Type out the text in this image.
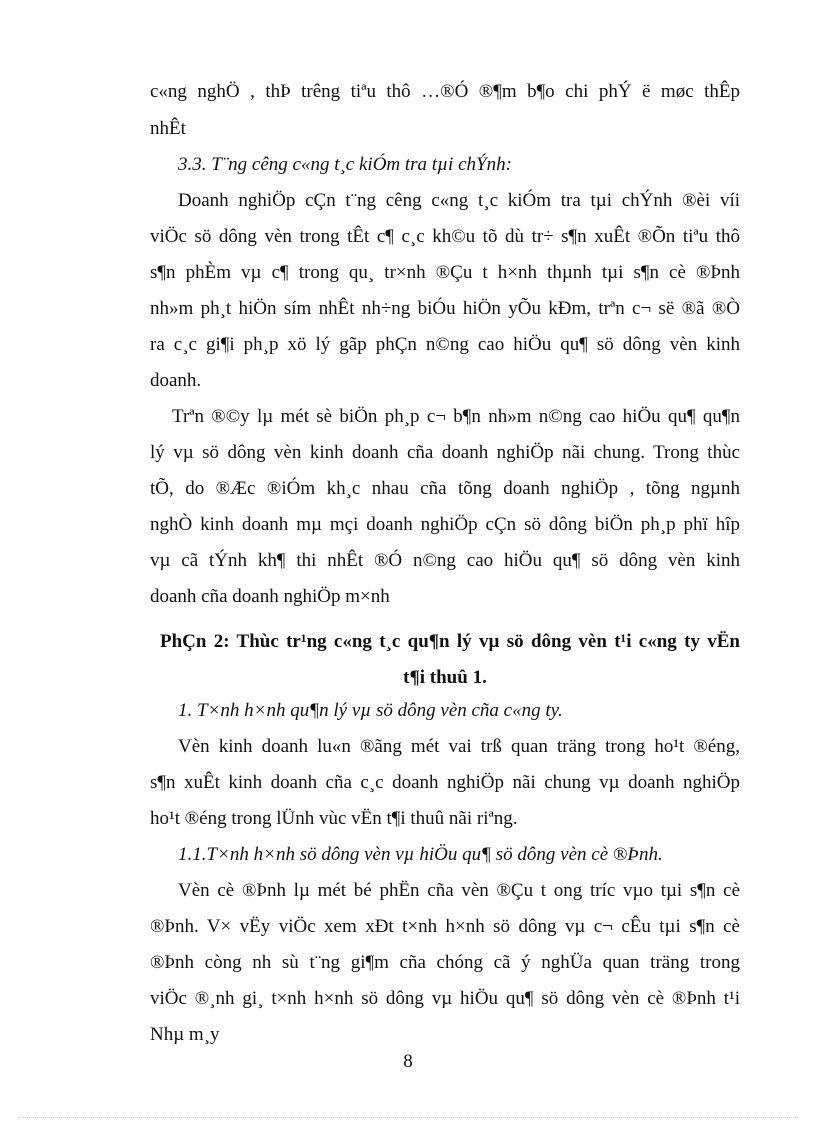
c«ng nghÖ , thÞ trêng tiªu thô …®Ó ®¶m b¶o chi phÝ ë møc thÊp
nhÊt
3.3. T¨ng cêng c«ng t¸c kiÓm tra tµi chÝnh:
Doanh nghiÖp cÇn t¨ng cêng c«ng t¸c kiÓm tra tµi chÝnh ®èi víi
viÖc sö dông vèn trong tÊt c¶ c¸c kh©u tõ dù tr÷ s¶n xuÊt ®Õn tiªu thô
s¶n phÈm vµ c¶ trong qu¸ tr×nh ®Çu t h×nh thµnh tµi s¶n cè ®Þnh
nh»m ph¸t hiÖn sím nhÊt nh÷ng biÓu hiÖn yÕu kÐm, trªn c¬ së ®ã ®Ò
ra c¸c gi¶i ph¸p xö lý gãp phÇn n©ng cao hiÖu qu¶ sö dông vèn kinh
doanh.
Trªn ®©y lµ mét sè biÖn ph¸p c¬ b¶n nh»m n©ng cao hiÖu qu¶ qu¶n
lý vµ sö dông vèn kinh doanh cña doanh nghiÖp nãi chung. Trong thùc
tÕ, do ®Æc ®iÓm kh¸c nhau cña tõng doanh nghiÖp , tõng ngµnh
nghÒ kinh doanh mµ mçi doanh nghiÖp cÇn sö dông biÖn ph¸p phï hîp
vµ cã tÝnh kh¶ thi nhÊt ®Ó n©ng cao hiÖu qu¶ sö dông vèn kinh
doanh cña doanh nghiÖp m×nh
PhÇn 2: Thùc tr¹ng c«ng t¸c qu¶n lý vµ sö dông vèn t¹i c«ng ty vËn
t¶i thuû 1.
1. T×nh h×nh qu¶n lý vµ sö dông vèn cña c«ng ty.
Vèn kinh doanh lu«n ®ãng mét vai trß quan träng trong ho¹t ®éng,
s¶n xuÊt kinh doanh cña c¸c doanh nghiÖp nãi chung vµ doanh nghiÖp
ho¹t ®éng trong lÜnh vùc vËn t¶i thuû nãi riªng.
1.1.T×nh h×nh sö dông vèn vµ hiÖu qu¶ sö dông vèn cè ®Þnh.
Vèn cè ®Þnh lµ mét bé phËn cña vèn ®Çu t ong tríc vµo tµi s¶n cè
®Þnh. V× vËy viÖc xem xÐt t×nh h×nh sö dông vµ c¬ cÊu tµi s¶n cè
®Þnh còng nh sù t¨ng gi¶m cña chóng cã ý nghÜa quan träng trong
viÖc ®¸nh gi¸ t×nh h×nh sö dông vµ hiÖu qu¶ sö dông vèn cè ®Þnh t¹i
Nhµ m¸y
8
